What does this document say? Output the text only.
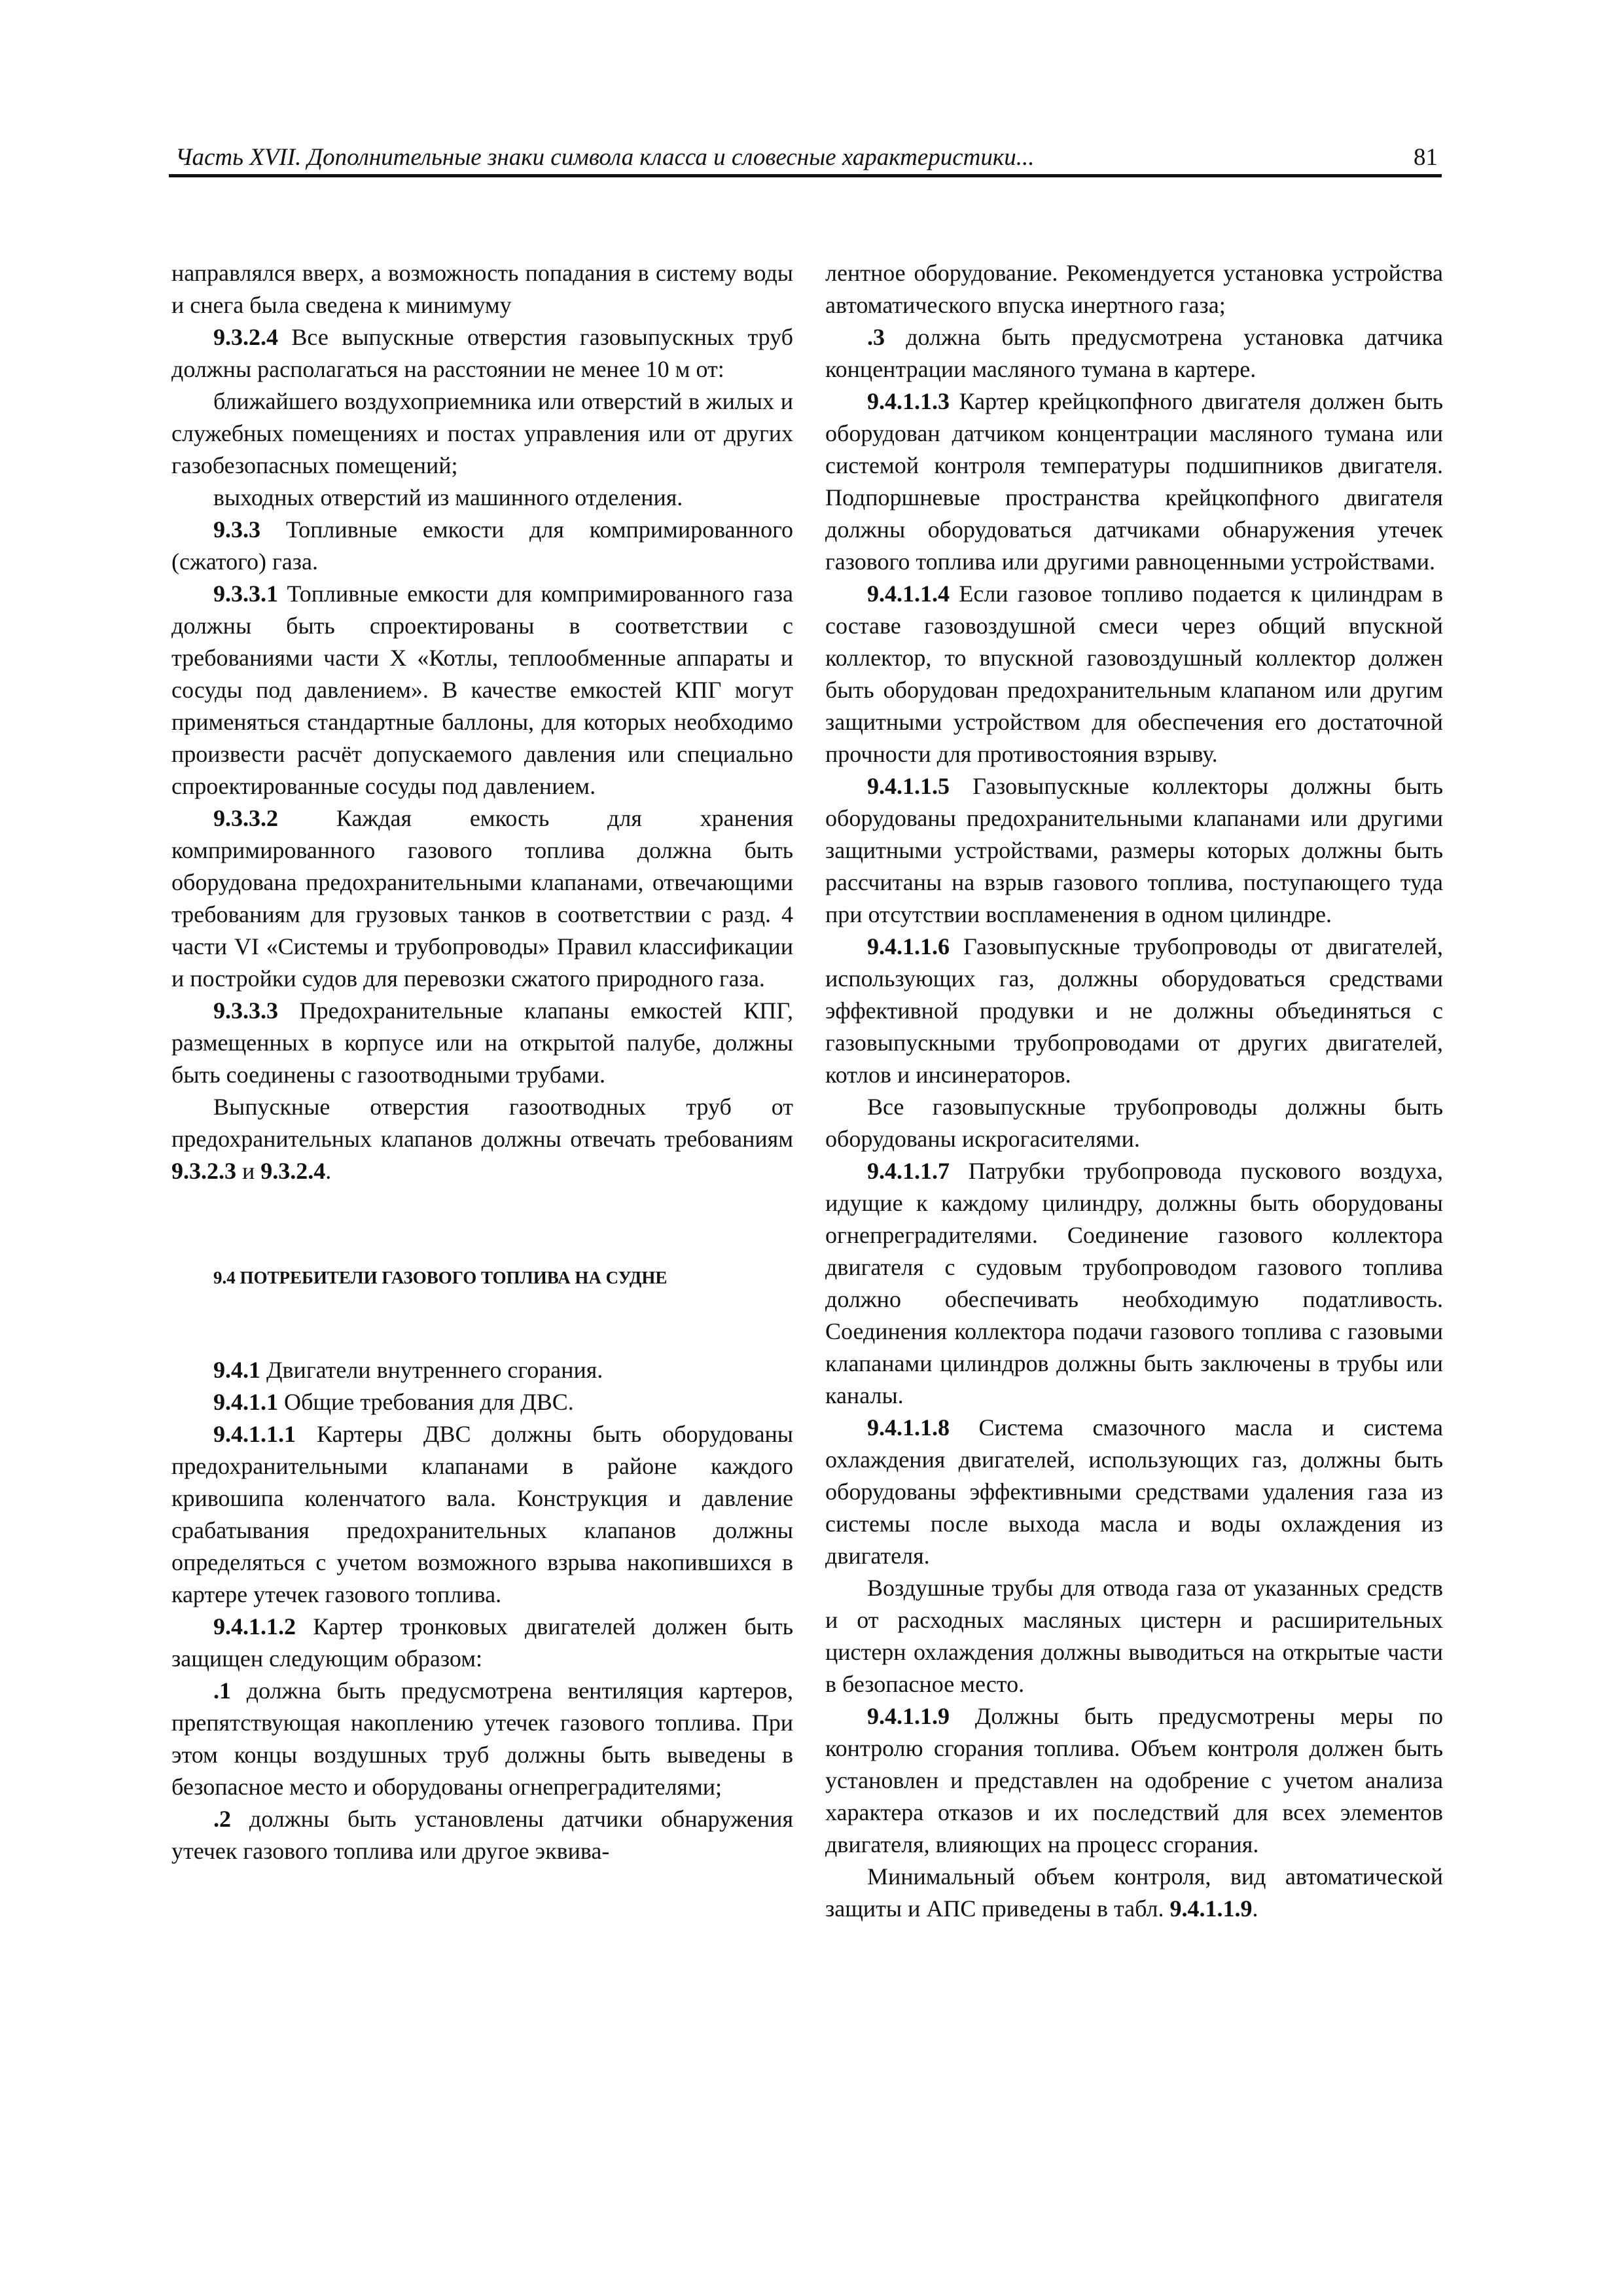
Часть XVII. Дополнительные знаки символа класса и словесные характеристики...	81

направлялся вверх, а возможность попадания в систему воды и снега была сведена к минимуму

9.3.2.4 Все выпускные отверстия газовыпускных труб должны располагаться на расстоянии не менее 10 м от:

ближайшего воздухоприемника или отверстий в жилых и служебных помещениях и постах управления или от других газобезопасных помещений;

выходных отверстий из машинного отделения.

9.3.3 Топливные емкости для компримированного (сжатого) газа.

9.3.3.1 Топливные емкости для компримированного газа должны быть спроектированы в соответствии с требованиями части X «Котлы, теплообменные аппараты и сосуды под давлением». В качестве емкостей КПГ могут применяться стандартные баллоны, для которых необходимо произвести расчёт допускаемого давления или специально спроектированные сосуды под давлением.

9.3.3.2 Каждая емкость для хранения компримированного газового топлива должна быть оборудована предохранительными клапанами, отвечающими требованиям для грузовых танков в соответствии с разд. 4 части VI «Системы и трубопроводы» Правил классификации и постройки судов для перевозки сжатого природного газа.

9.3.3.3 Предохранительные клапаны емкостей КПГ, размещенных в корпусе или на открытой палубе, должны быть соединены с газоотводными трубами.

Выпускные отверстия газоотводных труб от предохранительных клапанов должны отвечать требованиям 9.3.2.3 и 9.3.2.4.

9.4 ПОТРЕБИТЕЛИ ГАЗОВОГО ТОПЛИВА НА СУДНЕ

9.4.1 Двигатели внутреннего сгорания.

9.4.1.1 Общие требования для ДВС.

9.4.1.1.1 Картеры ДВС должны быть оборудованы предохранительными клапанами в районе каждого кривошипа коленчатого вала. Конструкция и давление срабатывания предохранительных клапанов должны определяться с учетом возможного взрыва накопившихся в картере утечек газового топлива.

9.4.1.1.2 Картер тронковых двигателей должен быть защищен следующим образом:

.1 должна быть предусмотрена вентиляция картеров, препятствующая накоплению утечек газового топлива. При этом концы воздушных труб должны быть выведены в безопасное место и оборудованы огнепреградителями;

.2 должны быть установлены датчики обнаружения утечек газового топлива или другое эквива-

лентное оборудование. Рекомендуется установка устройства автоматического впуска инертного газа;

.3 должна быть предусмотрена установка датчика концентрации масляного тумана в картере.

9.4.1.1.3 Картер крейцкопфного двигателя должен быть оборудован датчиком концентрации масляного тумана или системой контроля температуры подшипников двигателя. Подпоршневые пространства крейцкопфного двигателя должны оборудоваться датчиками обнаружения утечек газового топлива или другими равноценными устройствами.

9.4.1.1.4 Если газовое топливо подается к цилиндрам в составе газовоздушной смеси через общий впускной коллектор, то впускной газовоздушный коллектор должен быть оборудован предохранительным клапаном или другим защитными устройством для обеспечения его достаточной прочности для противостояния взрыву.

9.4.1.1.5 Газовыпускные коллекторы должны быть оборудованы предохранительными клапанами или другими защитными устройствами, размеры которых должны быть рассчитаны на взрыв газового топлива, поступающего туда при отсутствии воспламенения в одном цилиндре.

9.4.1.1.6 Газовыпускные трубопроводы от двигателей, использующих газ, должны оборудоваться средствами эффективной продувки и не должны объединяться с газовыпускными трубопроводами от других двигателей, котлов и инсинераторов.

Все газовыпускные трубопроводы должны быть оборудованы искрогасителями.

9.4.1.1.7 Патрубки трубопровода пускового воздуха, идущие к каждому цилиндру, должны быть оборудованы огнепреградителями. Соединение газового коллектора двигателя с судовым трубопроводом газового топлива должно обеспечивать необходимую податливость. Соединения коллектора подачи газового топлива с газовыми клапанами цилиндров должны быть заключены в трубы или каналы.

9.4.1.1.8 Система смазочного масла и система охлаждения двигателей, использующих газ, должны быть оборудованы эффективными средствами удаления газа из системы после выхода масла и воды охлаждения из двигателя.

Воздушные трубы для отвода газа от указанных средств и от расходных масляных цистерн и расширительных цистерн охлаждения должны выводиться на открытые части в безопасное место.

9.4.1.1.9 Должны быть предусмотрены меры по контролю сгорания топлива. Объем контроля должен быть установлен и представлен на одобрение с учетом анализа характера отказов и их последствий для всех элементов двигателя, влияющих на процесс сгорания.

Минимальный объем контроля, вид автоматической защиты и АПС приведены в табл. 9.4.1.1.9.
